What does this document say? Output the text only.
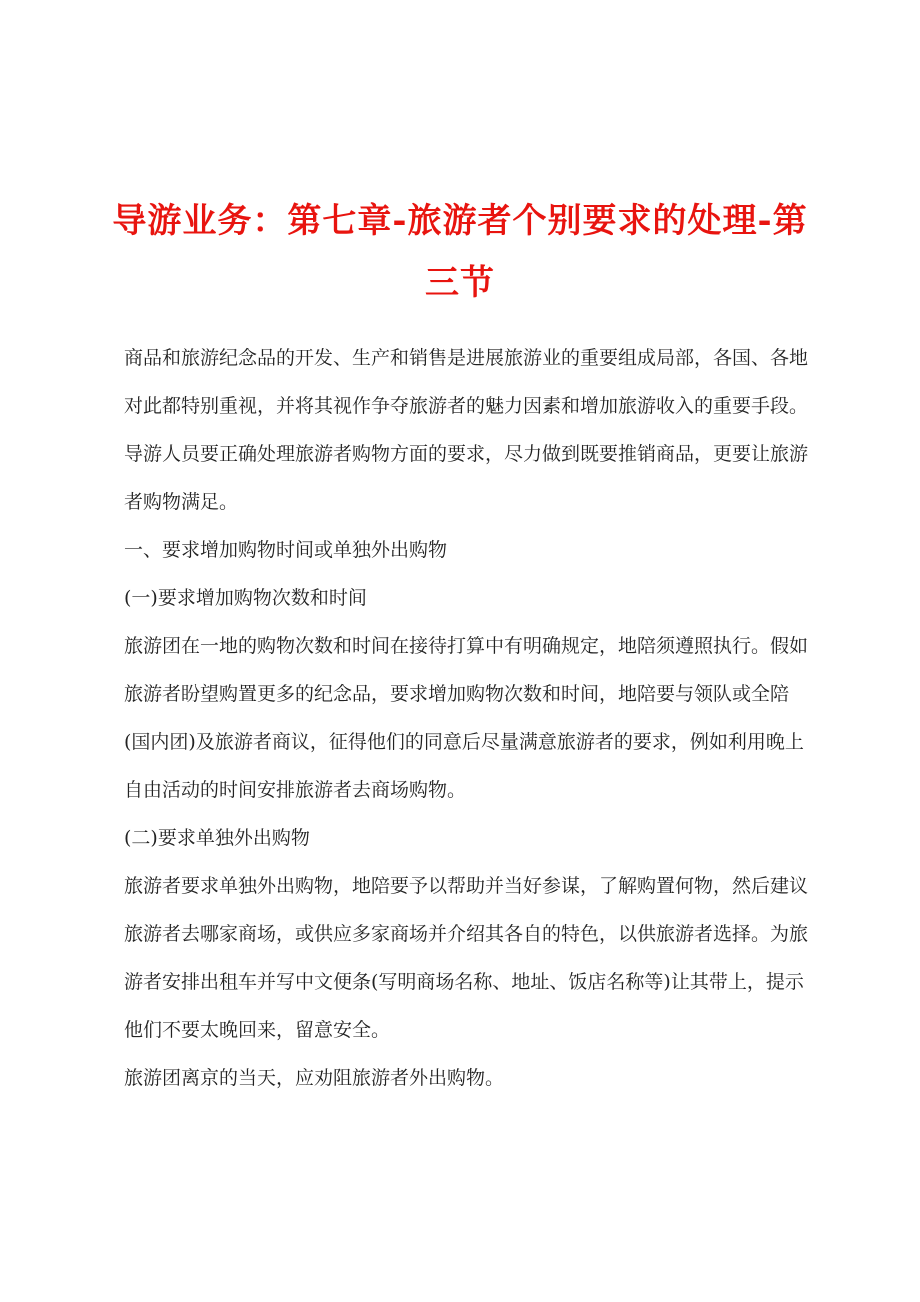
导游业务：第七章-旅游者个别要求的处理-第三节

商品和旅游纪念品的开发、生产和销售是进展旅游业的重要组成局部，各国、各地对此都特别重视，并将其视作争夺旅游者的魅力因素和增加旅游收入的重要手段。

导游人员要正确处理旅游者购物方面的要求，尽力做到既要推销商品，更要让旅游者购物满足。

一、要求增加购物时间或单独外出购物

(一)要求增加购物次数和时间

旅游团在一地的购物次数和时间在接待打算中有明确规定，地陪须遵照执行。假如旅游者盼望购置更多的纪念品，要求增加购物次数和时间，地陪要与领队或全陪(国内团)及旅游者商议，征得他们的同意后尽量满意旅游者的要求，例如利用晚上自由活动的时间安排旅游者去商场购物。

(二)要求单独外出购物

旅游者要求单独外出购物，地陪要予以帮助并当好参谋，了解购置何物，然后建议旅游者去哪家商场，或供应多家商场并介绍其各自的特色，以供旅游者选择。为旅游者安排出租车并写中文便条(写明商场名称、地址、饭店名称等)让其带上，提示他们不要太晚回来，留意安全。

旅游团离京的当天，应劝阻旅游者外出购物。
